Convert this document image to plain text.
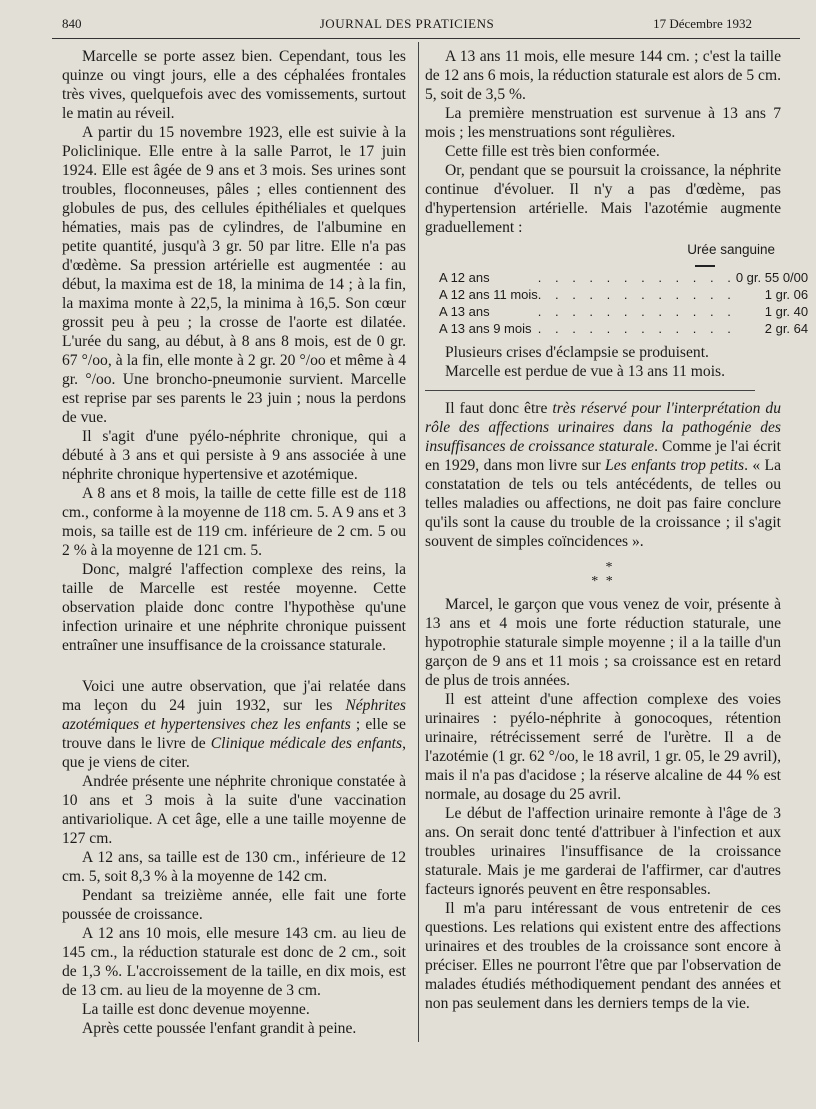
840	JOURNAL DES PRATICIENS	17 Décembre 1932

Marcelle se porte assez bien. Cependant, tous les quinze ou vingt jours, elle a des céphalées frontales très vives, quelquefois avec des vomissements, surtout le matin au réveil.

A partir du 15 novembre 1923, elle est suivie à la Policlinique. Elle entre à la salle Parrot, le 17 juin 1924. Elle est âgée de 9 ans et 3 mois. Ses urines sont troubles, floconneuses, pâles ; elles contiennent des globules de pus, des cellules épithéliales et quelques hématies, mais pas de cylindres, de l'albumine en petite quantité, jusqu'à 3 gr. 50 par litre. Elle n'a pas d'œdème. Sa pression artérielle est augmentée : au début, la maxima est de 18, la minima de 14 ; à la fin, la maxima monte à 22,5, la minima à 16,5. Son cœur grossit peu à peu ; la crosse de l'aorte est dilatée. L'urée du sang, au début, à 8 ans 8 mois, est de 0 gr. 67 °/oo, à la fin, elle monte à 2 gr. 20 °/oo et même à 4 gr. °/oo. Une broncho-pneumonie survient. Marcelle est reprise par ses parents le 23 juin ; nous la perdons de vue.

Il s'agit d'une pyélo-néphrite chronique, qui a débuté à 3 ans et qui persiste à 9 ans associée à une néphrite chronique hypertensive et azotémique.

A 8 ans et 8 mois, la taille de cette fille est de 118 cm., conforme à la moyenne de 118 cm. 5. A 9 ans et 3 mois, sa taille est de 119 cm. inférieure de 2 cm. 5 ou 2 % à la moyenne de 121 cm. 5.

Donc, malgré l'affection complexe des reins, la taille de Marcelle est restée moyenne. Cette observation plaide donc contre l'hypothèse qu'une infection urinaire et une néphrite chronique puissent entraîner une insuffisance de la croissance staturale.

Voici une autre observation, que j'ai relatée dans ma leçon du 24 juin 1932, sur les Néphrites azotémiques et hypertensives chez les enfants ; elle se trouve dans le livre de Clinique médicale des enfants, que je viens de citer.

Andrée présente une néphrite chronique constatée à 10 ans et 3 mois à la suite d'une vaccination antivariolique. A cet âge, elle a une taille moyenne de 127 cm.

A 12 ans, sa taille est de 130 cm., inférieure de 12 cm. 5, soit 8,3 % à la moyenne de 142 cm.

Pendant sa treizième année, elle fait une forte poussée de croissance.

A 12 ans 10 mois, elle mesure 143 cm. au lieu de 145 cm., la réduction staturale est donc de 2 cm., soit de 1,3 %. L'accroissement de la taille, en dix mois, est de 13 cm. au lieu de la moyenne de 3 cm.

La taille est donc devenue moyenne.

Après cette poussée l'enfant grandit à peine.

A 13 ans 11 mois, elle mesure 144 cm. ; c'est la taille de 12 ans 6 mois, la réduction staturale est alors de 5 cm. 5, soit de 3,5 %.

La première menstruation est survenue à 13 ans 7 mois ; les menstruations sont régulières.

Cette fille est très bien conformée.

Or, pendant que se poursuit la croissance, la néphrite continue d'évoluer. Il n'y a pas d'œdème, pas d'hypertension artérielle. Mais l'azotémie augmente graduellement :

Urée sanguine
A 12 ans	. . . . . . . . . . . .	0 gr. 55 0/00
A 12 ans 11 mois	. . . . . . . . . . . .	1 gr. 06
A 13 ans	. . . . . . . . . . . .	1 gr. 40
A 13 ans 9 mois	. . . . . . . . . . . .	2 gr. 64

Plusieurs crises d'éclampsie se produisent.

Marcelle est perdue de vue à 13 ans 11 mois.

Il faut donc être très réservé pour l'interprétation du rôle des affections urinaires dans la pathogénie des insuffisances de croissance staturale. Comme je l'ai écrit en 1929, dans mon livre sur Les enfants trop petits. « La constatation de tels ou tels antécédents, de telles ou telles maladies ou affections, ne doit pas faire conclure qu'ils sont la cause du trouble de la croissance ; il s'agit souvent de simples coïncidences ».

*
* *

Marcel, le garçon que vous venez de voir, présente à 13 ans et 4 mois une forte réduction staturale, une hypotrophie staturale simple moyenne ; il a la taille d'un garçon de 9 ans et 11 mois ; sa croissance est en retard de plus de trois années.

Il est atteint d'une affection complexe des voies urinaires : pyélo-néphrite à gonocoques, rétention urinaire, rétrécissement serré de l'urètre. Il a de l'azotémie (1 gr. 62 °/oo, le 18 avril, 1 gr. 05, le 29 avril), mais il n'a pas d'acidose ; la réserve alcaline de 44 % est normale, au dosage du 25 avril.

Le début de l'affection urinaire remonte à l'âge de 3 ans. On serait donc tenté d'attribuer à l'infection et aux troubles urinaires l'insuffisance de la croissance staturale. Mais je me garderai de l'affirmer, car d'autres facteurs ignorés peuvent en être responsables.

Il m'a paru intéressant de vous entretenir de ces questions. Les relations qui existent entre des affections urinaires et des troubles de la croissance sont encore à préciser. Elles ne pourront l'être que par l'observation de malades étudiés méthodiquement pendant des années et non pas seulement dans les derniers temps de la vie.
